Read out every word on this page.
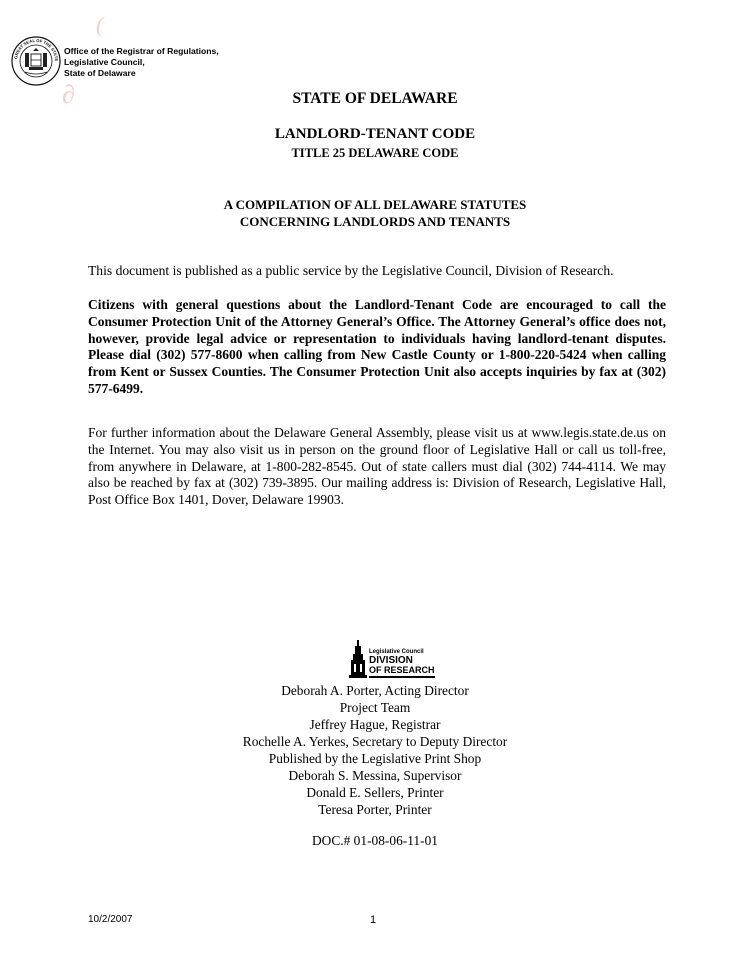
(
∂
GREAT SEAL OF THE STATE
Office of the Registrar of Regulations,
Legislative Council,
State of Delaware
STATE OF DELAWARE
LANDLORD-TENANT CODE
TITLE 25 DELAWARE CODE
A COMPILATION OF ALL DELAWARE STATUTES
CONCERNING LANDLORDS AND TENANTS
This document is published as a public service by the Legislative Council, Division of Research.
Citizens with general questions about the Landlord-Tenant Code are encouraged to call the Consumer Protection Unit of the Attorney General’s Office. The Attorney General’s office does not, however, provide legal advice or representation to individuals having landlord-tenant disputes. Please dial (302) 577-8600 when calling from New Castle County or 1-800-220-5424 when calling from Kent or Sussex Counties. The Consumer Protection Unit also accepts inquiries by fax at (302) 577-6499.
For further information about the Delaware General Assembly, please visit us at www.legis.state.de.us on the Internet. You may also visit us in person on the ground floor of Legislative Hall or call us toll-free, from anywhere in Delaware, at 1-800-282-8545. Out of state callers must dial (302) 744-4114. We may also be reached by fax at (302) 739-3895. Our mailing address is: Division of Research, Legislative Hall, Post Office Box 1401, Dover, Delaware 19903.
Legislative Council
DIVISION
OF RESEARCH
Deborah A. Porter, Acting Director
Project Team
Jeffrey Hague, Registrar
Rochelle A. Yerkes, Secretary to Deputy Director
Published by the Legislative Print Shop
Deborah S. Messina, Supervisor
Donald E. Sellers, Printer
Teresa Porter, Printer
DOC.# 01-08-06-11-01
10/2/2007	1
